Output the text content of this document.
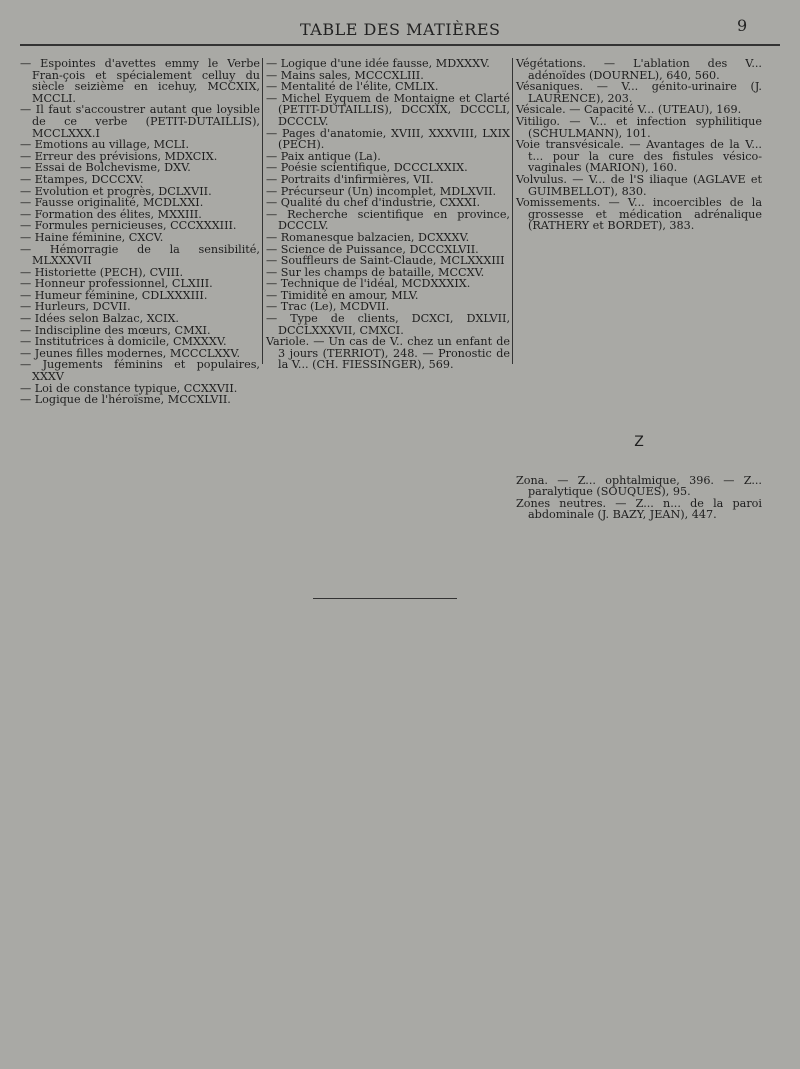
TABLE DES MATIÈRES	9

— Espointes d'avettes emmy le Verbe Fran-çois et spécialement celluy du siècle seizième en icehuy, MCCXIX, MCCLI.

— Il faut s'accoustrer autant que loysible de ce verbe (PETIT-DUTAILLIS), MCCLXXX.I

— Emotions au village, MCLI.

— Erreur des prévisions, MDXCIX.

— Essai de Bolchevisme, DXV.

— Etampes, DCCCXV.

— Evolution et progrès, DCLXVII.

— Fausse originalité, MCDLXXI.

— Formation des élites, MXXIII.

— Formules pernicieuses, CCCXXXIII.

— Haine féminine, CXCV.

— Hémorragie de la sensibilité, MLXXXVII

— Historiette (PECH), CVIII.

— Honneur professionnel, CLXIII.

— Humeur féminine, CDLXXXIII.

— Hurleurs, DCVII.

— Idées selon Balzac, XCIX.

— Indiscipline des mœurs, CMXI.

— Institutrices à domicile, CMXXXV.

— Jeunes filles modernes, MCCCLXXV.

— Jugements féminins et populaires, XXXV

— Loi de constance typique, CCXXVII.

— Logique de l'héroïsme, MCCXLVII.

— Logique d'une idée fausse, MDXXXV.

— Mains sales, MCCCXLIII.

— Mentalité de l'élite, CMLIX.

— Michel Eyquem de Montaigne et Clarté (PETIT-DUTAILLIS), DCCXIX, DCCCLI, DCCCLV.

— Pages d'anatomie, XVIII, XXXVIII, LXIX (PECH).

— Paix antique (La).

— Poésie scientifique, DCCCLXXIX.

— Portraits d'infirmières, VII.

— Précurseur (Un) incomplet, MDLXVII.

— Qualité du chef d'industrie, CXXXI.

— Recherche scientifique en province, DCCCLV.

— Romanesque balzacien, DCXXXV.

— Science de Puissance, DCCCXLVII.

— Souffleurs de Saint-Claude, MCLXXXIII

— Sur les champs de bataille, MCCXV.

— Technique de l'idéal, MCDXXXIX.

— Timidité en amour, MLV.

— Trac (Le), MCDVII.

— Type de clients, DCXCI, DXLVII, DCCLXXXVII, CMXCI.

Variole. — Un cas de V.. chez un enfant de 3 jours (TERRIOT), 248. — Pronostic de la V... (CH. FIESSINGER), 569.

Végétations. — L'ablation des V... adénoïdes (DOURNEL), 640, 560.

Vésaniques. — V... génito-urinaire (J. LAURENCE), 203.

Vésicale. — Capacité V... (UTEAU), 169.

Vitiligo. — V... et infection syphilitique (SCHULMANN), 101.

Voie transvésicale. — Avantages de la V... t... pour la cure des fistules vésico-vaginales (MARION), 160.

Volvulus. — V... de l'S iliaque (AGLAVE et GUIMBELLOT), 830.

Vomissements. — V... incoercibles de la grossesse et médication adrénalique (RATHERY et BORDET), 383.

Z

Zona. — Z... ophtalmique, 396. — Z... paralytique (SOUQUES), 95.

Zones neutres. — Z... n... de la paroi abdominale (J. BAZY, JEAN), 447.
